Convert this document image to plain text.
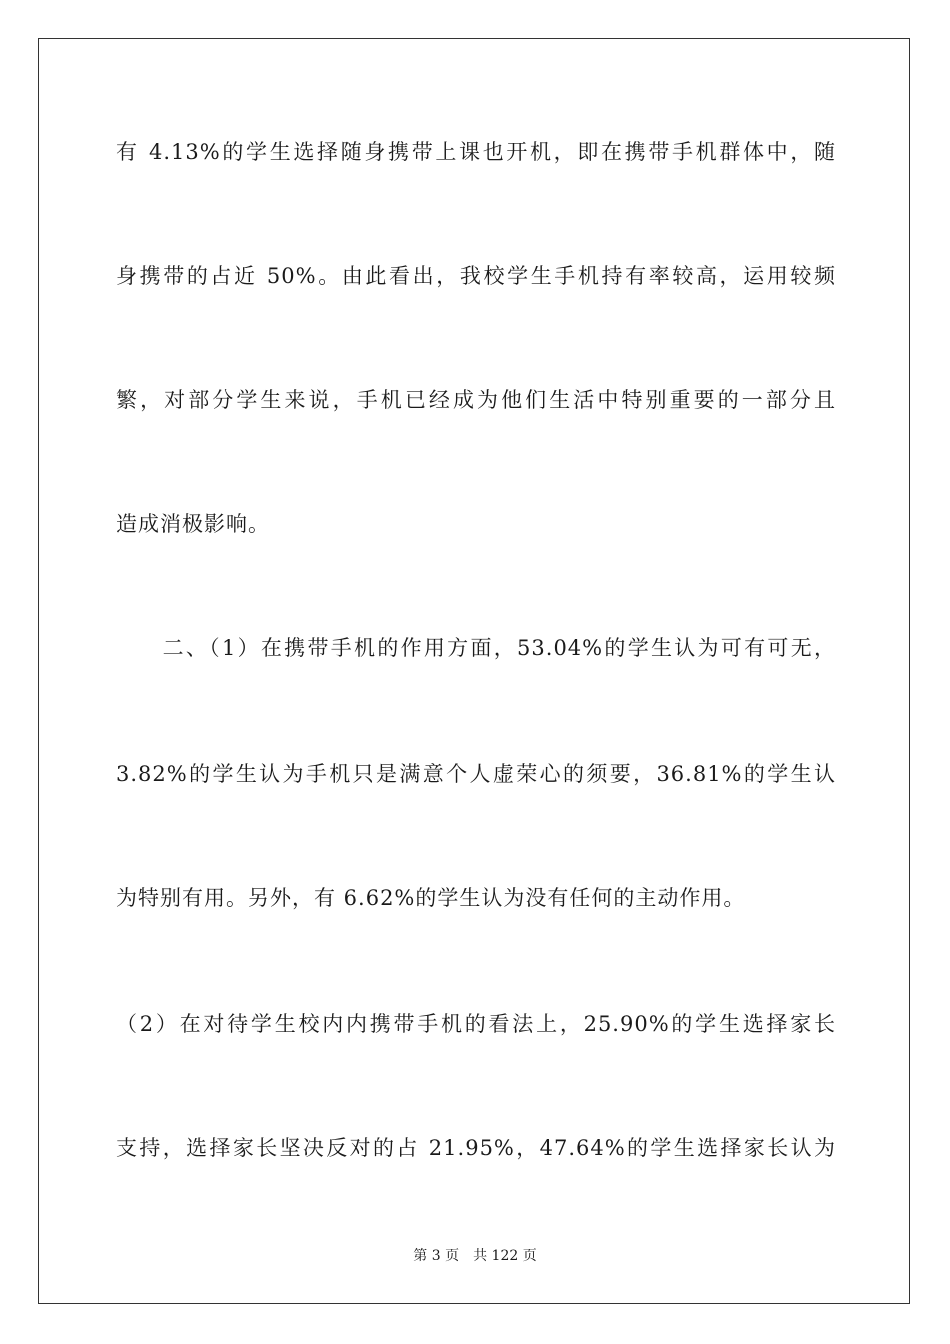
有 4.13%的学生选择随身携带上课也开机，即在携带手机群体中，随
身携带的占近 50%。由此看出，我校学生手机持有率较高，运用较频
繁，对部分学生来说，手机已经成为他们生活中特别重要的一部分且
造成消极影响。
　　二、（1）在携带手机的作用方面，53.04%的学生认为可有可无，
3.82%的学生认为手机只是满意个人虚荣心的须要，36.81%的学生认
为特别有用。另外，有 6.62%的学生认为没有任何的主动作用。
（2）在对待学生校内内携带手机的看法上，25.90%的学生选择家长
支持，选择家长坚决反对的占 21.95%，47.64%的学生选择家长认为
第 3 页　共 122 页
